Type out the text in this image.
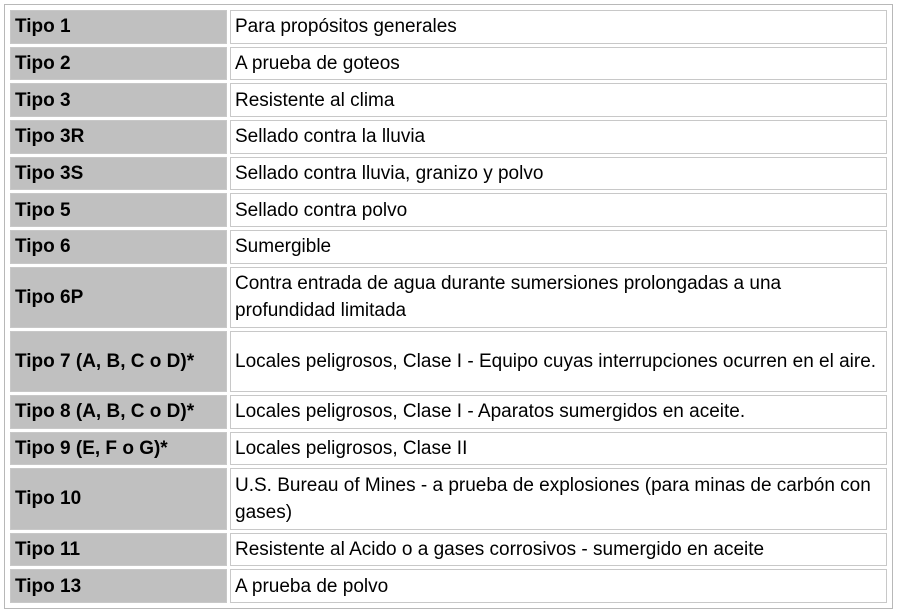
Tipo 1	Para propósitos generales
Tipo 2	A prueba de goteos
Tipo 3	Resistente al clima
Tipo 3R	Sellado contra la lluvia
Tipo 3S	Sellado contra lluvia, granizo y polvo
Tipo 5	Sellado contra polvo
Tipo 6	Sumergible
Tipo 6P	Contra entrada de agua durante sumersiones prolongadas a una profundidad limitada
Tipo 7 (A, B, C o D)*	Locales peligrosos, Clase I - Equipo cuyas interrupciones ocurren en el aire.
Tipo 8 (A, B, C o D)*	Locales peligrosos, Clase I - Aparatos sumergidos en aceite.
Tipo 9 (E, F o G)*	Locales peligrosos, Clase II
Tipo 10	U.S. Bureau of Mines - a prueba de explosiones (para minas de carbón con gases)
Tipo 11	Resistente al Acido o a gases corrosivos - sumergido en aceite
Tipo 13	A prueba de polvo
